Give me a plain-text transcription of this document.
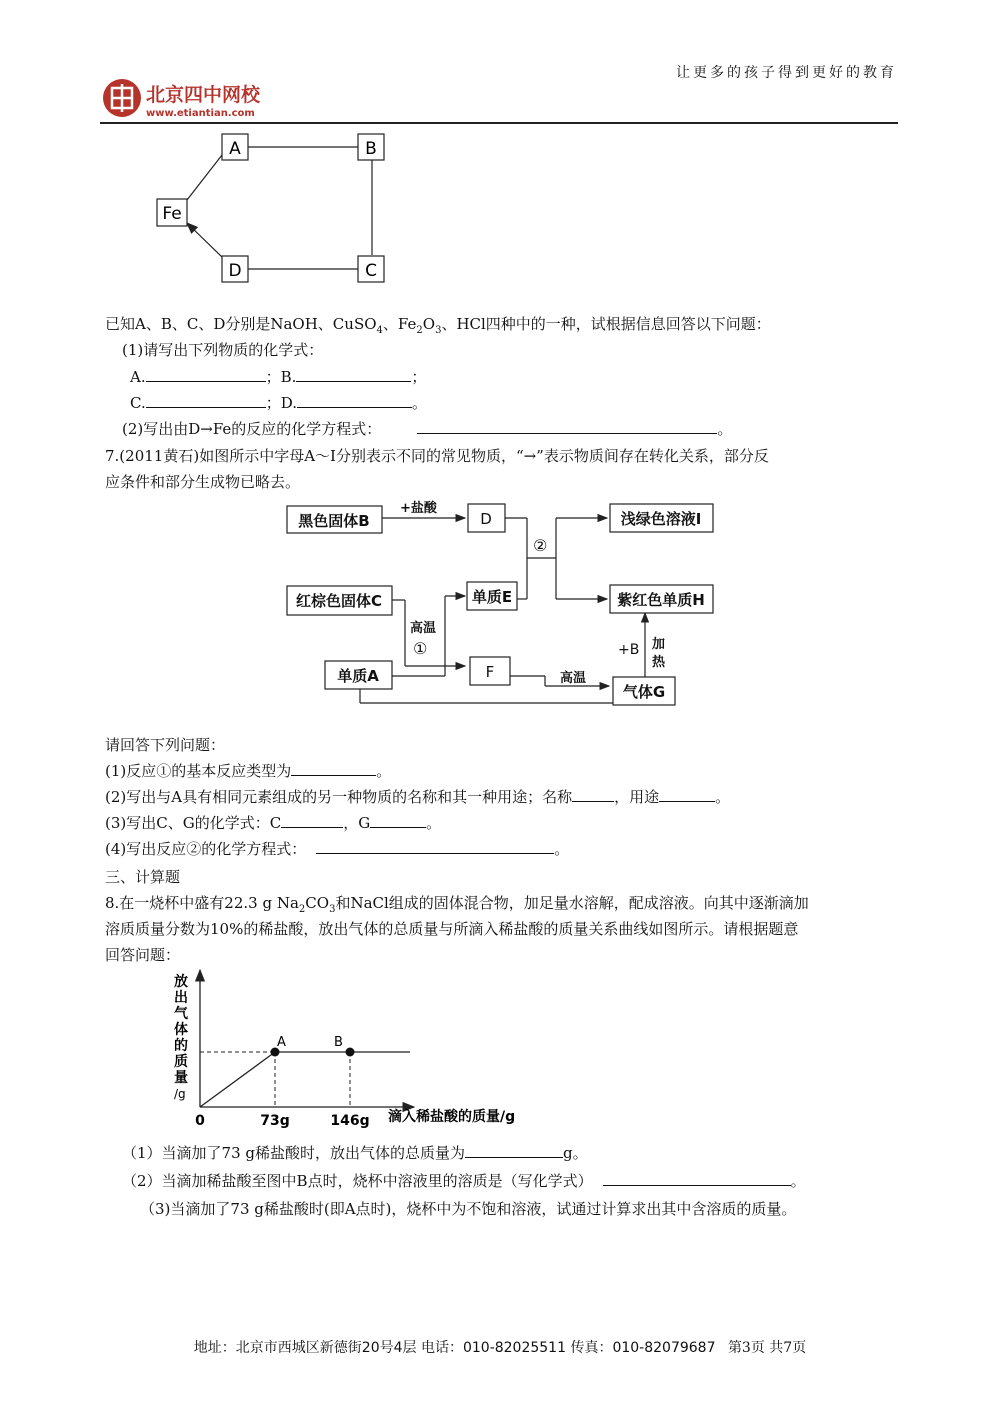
让更多的孩子得到更好的教育
北京四中网校
www.etiantian.com
A	B
Fe
D	C
已知A、B、C、D分别是NaOH、CuSO$_4$、$Fe_2O_3$、HCl四种中的一种，试根据信息回答以下问题：
(1)请写出下列物质的化学式：
A.	；B.	；
C.	；D.	。
(2)写出由D→Fe的反应的化学方程式：	。
7.(2011黄石)如图所示中字母A～I分别表示不同的常见物质，“→”表示物质间存在转化关系，部分反
应条件和部分生成物已略去。
黑色固体B	D	浅绿色溶液I
红棕色固体C	单质E	紫红色单质H
单质A	F
气体G
+盐酸
②
高温
①
高温
+B 加
热
请回答下列问题：
(1)反应①的基本反应类型为	。
(2)写出与A具有相同元素组成的另一种物质的名称和其一种用途；名称	，用途	。
(3)写出C、G的化学式：C	，G	。
(4)写出反应②的化学方程式：	。
三、计算题
8.在一烧杯中盛有22.3 g $Na_2CO_3$和NaCl组成的固体混合物，加足量水溶解，配成溶液。向其中逐渐滴加
溶质质量分数为10%的稀盐酸，放出气体的总质量与所滴入稀盐酸的质量关系曲线如图所示。请根据题意
回答问题：
A	B
0	73g	146g
放
出
气
体
的
质
量
/g
滴入稀盐酸的质量/g
（1）当滴加了73 g稀盐酸时，放出气体的总质量为	g。
（2）当滴加稀盐酸至图中B点时，烧杯中溶液里的溶质是（写化学式）	。
（3)当滴加了73 g稀盐酸时(即A点时)，烧杯中为不饱和溶液，试通过计算求出其中含溶质的质量。
地址：北京市西城区新德街20号4层 电话：010-82025511 传真：010-82079687 第3页 共7页
